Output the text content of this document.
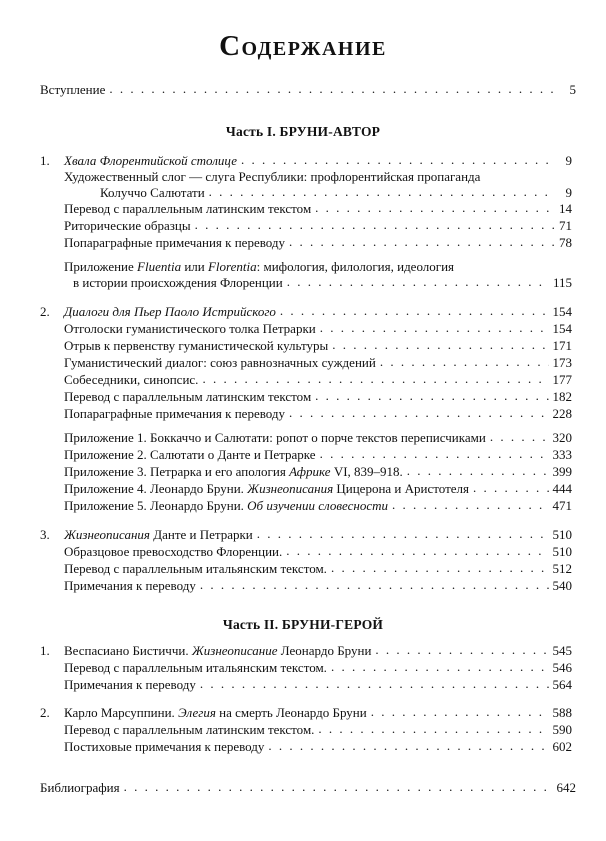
Содержание
Вступление . . .	5
Часть I. БРУНИ-АВТОР
1.	Хвала Флорентийской столице . . .	9
Художественный слог — слуга Республики: профлорентийская пропаганда
Колуччо Салютати . . .	9
Перевод с параллельным латинским текстом . . .	14
Риторические образцы . . .	71
Попараграфные примечания к переводу . . .	78
Приложение Fluentia или Florentia: мифология, филология, идеология
в истории происхождения Флоренции . . .	115
2.	Диалоги для Пьер Паоло Истрийского . . .	154
Отголоски гуманистического толка Петрарки . . .	154
Отрыв к первенству гуманистической культуры . . .	171
Гуманистический диалог: союз равнозначных суждений . . .	173
Собеседники, синопсис. . . .	177
Перевод с параллельным латинским текстом . . .	182
Попараграфные примечания к переводу . . .	228
Приложение 1. Боккаччо и Салютати: ропот о порче текстов переписчиками . . .	320
Приложение 2. Салютати о Данте и Петрарке . . .	333
Приложение 3. Петрарка и его апология Африке VI, 839–918. . . .	399
Приложение 4. Леонардо Бруни. Жизнеописания Цицерона и Аристотеля . . .	444
Приложение 5. Леонардо Бруни. Об изучении словесности . . .	471
3.	Жизнеописания Данте и Петрарки . . .	510
Образцовое превосходство Флоренции. . . .	510
Перевод с параллельным итальянским текстом. . . .	512
Примечания к переводу . . .	540
Часть II. БРУНИ-ГЕРОЙ
1.	Веспасиано Бистиччи. Жизнеописание Леонардо Бруни . . .	545
Перевод с параллельным итальянским текстом. . . .	546
Примечания к переводу . . .	564
2.	Карло Марсуппини. Элегия на смерть Леонардо Бруни . . .	588
Перевод с параллельным латинским текстом. . . .	590
Постиховые примечания к переводу . . .	602
Библиография . . .	642
